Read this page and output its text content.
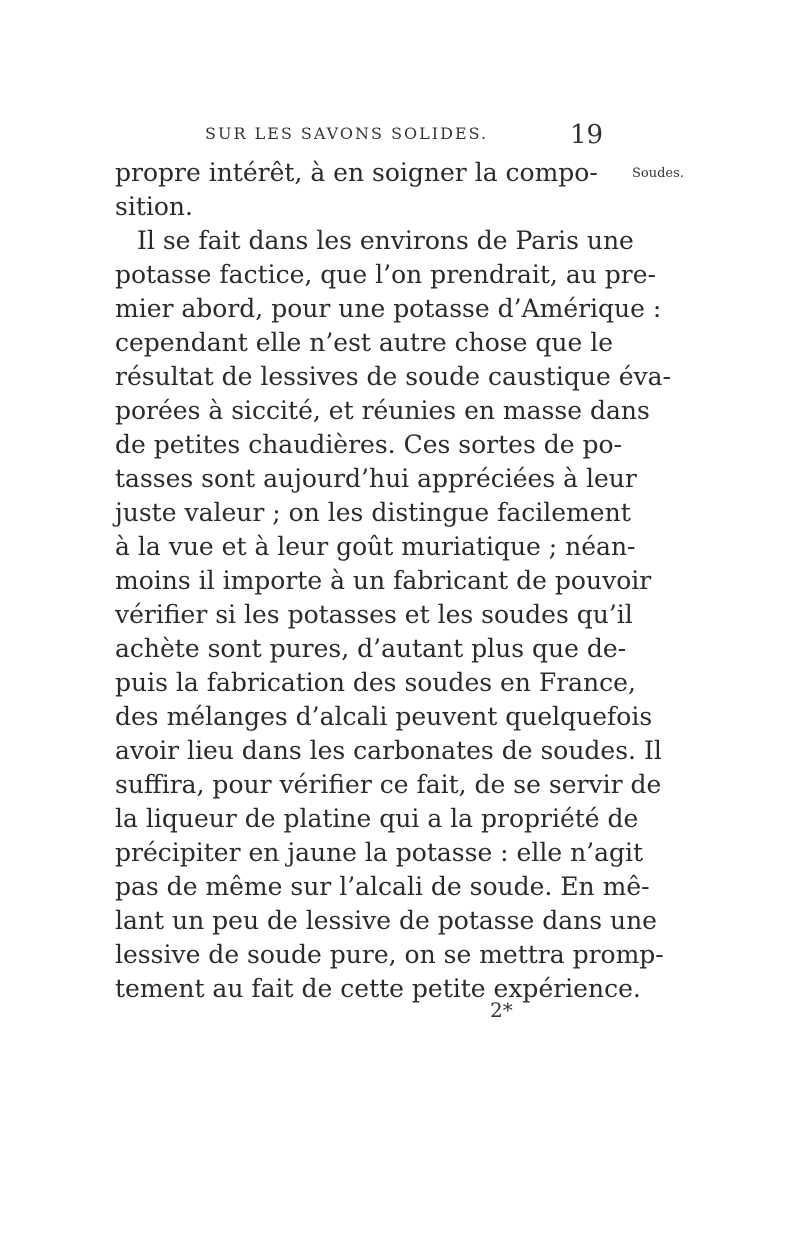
SUR LES SAVONS SOLIDES.	19
Soudes.
propre intérêt, à en soigner la compo-
sition.
Il se fait dans les environs de Paris une
potasse factice, que l’on prendrait, au pre-
mier abord, pour une potasse d’Amérique :
cependant elle n’est autre chose que le
résultat de lessives de soude caustique éva-
porées à siccité, et réunies en masse dans
de petites chaudières. Ces sortes de po-
tasses sont aujourd’hui appréciées à leur
juste valeur ; on les distingue facilement
à la vue et à leur goût muriatique ; néan-
moins il importe à un fabricant de pouvoir
vérifier si les potasses et les soudes qu’il
achète sont pures, d’autant plus que de-
puis la fabrication des soudes en France,
des mélanges d’alcali peuvent quelquefois
avoir lieu dans les carbonates de soudes. Il
suffira, pour vérifier ce fait, de se servir de
la liqueur de platine qui a la propriété de
précipiter en jaune la potasse : elle n’agit
pas de même sur l’alcali de soude. En mê-
lant un peu de lessive de potasse dans une
lessive de soude pure, on se mettra promp-
tement au fait de cette petite expérience.
2*
